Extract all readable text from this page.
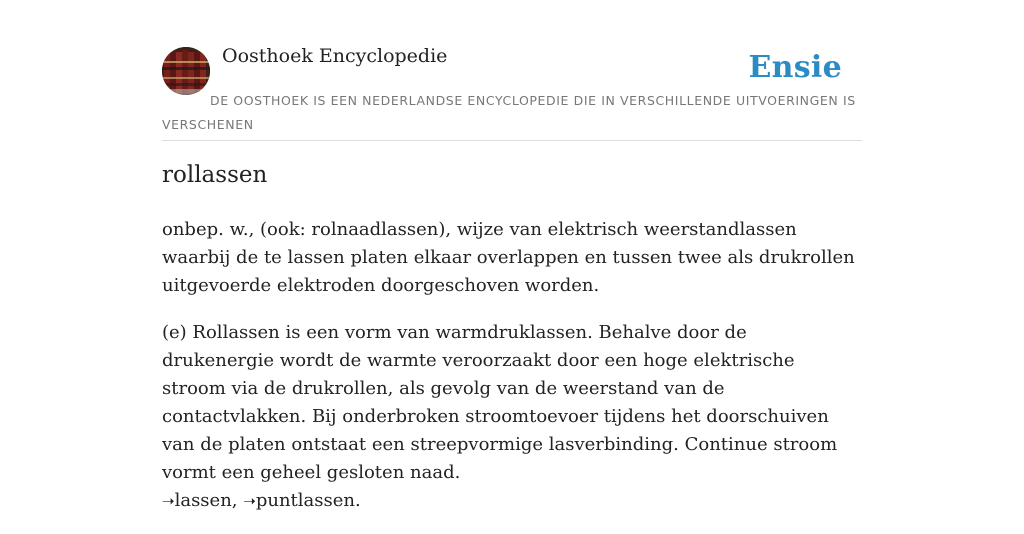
Oosthoek Encyclopedie	Ensie
DE OOSTHOEK IS EEN NEDERLANDSE ENCYCLOPEDIE DIE IN VERSCHILLENDE UITVOERINGEN IS VERSCHENEN
rollassen

onbep. w., (ook: rolnaadlassen), wijze van elektrisch weerstandlassen waarbij de te lassen platen elkaar overlappen en tussen twee als drukrollen uitgevoerde elektroden doorgeschoven worden.

(e) Rollassen is een vorm van warmdruklassen. Behalve door de drukenergie wordt de warmte veroorzaakt door een hoge elektrische stroom via de drukrollen, als gevolg van de weerstand van de contactvlakken. Bij onderbroken stroomtoevoer tijdens het doorschuiven van de platen ontstaat een streepvormige lasverbinding. Continue stroom vormt een geheel gesloten naad.
➝lassen, ➝puntlassen.
